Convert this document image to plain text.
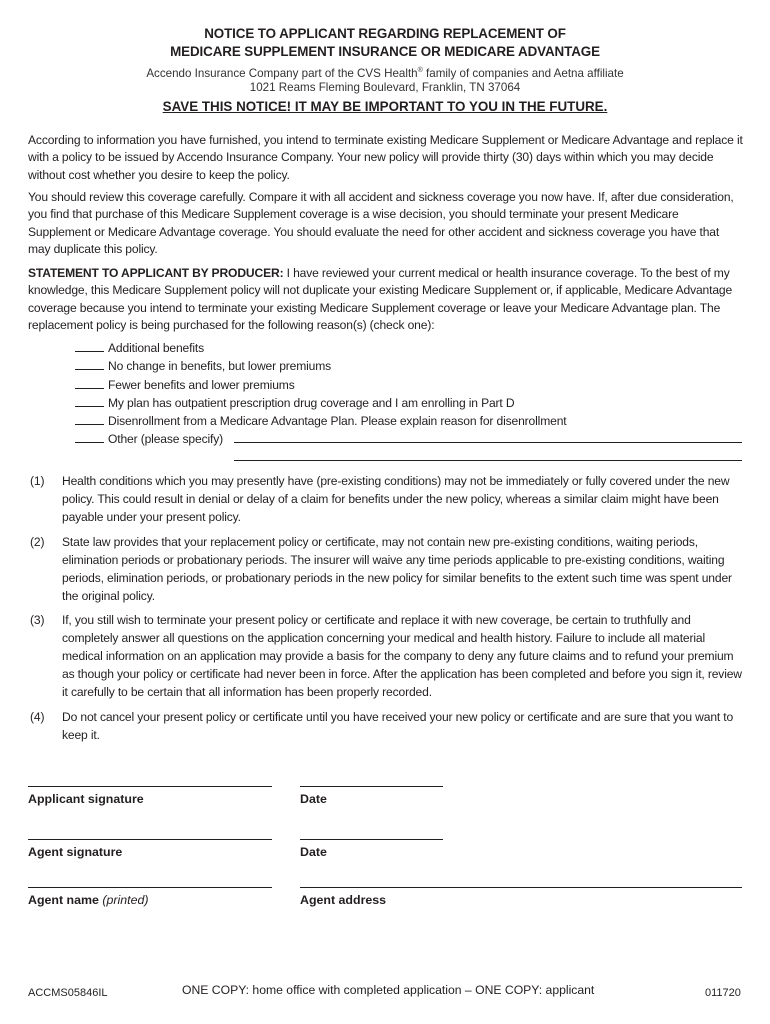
NOTICE TO APPLICANT REGARDING REPLACEMENT OF
MEDICARE SUPPLEMENT INSURANCE OR MEDICARE ADVANTAGE
Accendo Insurance Company part of the CVS Health® family of companies and Aetna affiliate
1021 Reams Fleming Boulevard, Franklin, TN 37064
SAVE THIS NOTICE! IT MAY BE IMPORTANT TO YOU IN THE FUTURE.
According to information you have furnished, you intend to terminate existing Medicare Supplement or Medicare Advantage and replace it with a policy to be issued by Accendo Insurance Company. Your new policy will provide thirty (30) days within which you may decide without cost whether you desire to keep the policy.
You should review this coverage carefully. Compare it with all accident and sickness coverage you now have. If, after due consideration, you find that purchase of this Medicare Supplement coverage is a wise decision, you should terminate your present Medicare Supplement or Medicare Advantage coverage. You should evaluate the need for other accident and sickness coverage you have that may duplicate this policy.
STATEMENT TO APPLICANT BY PRODUCER: I have reviewed your current medical or health insurance coverage. To the best of my knowledge, this Medicare Supplement policy will not duplicate your existing Medicare Supplement or, if applicable, Medicare Advantage coverage because you intend to terminate your existing Medicare Supplement coverage or leave your Medicare Advantage plan. The replacement policy is being purchased for the following reason(s) (check one):
Additional benefits
No change in benefits, but lower premiums
Fewer benefits and lower premiums
My plan has outpatient prescription drug coverage and I am enrolling in Part D
Disenrollment from a Medicare Advantage Plan. Please explain reason for disenrollment
Other (please specify)
(1) Health conditions which you may presently have (pre-existing conditions) may not be immediately or fully covered under the new policy. This could result in denial or delay of a claim for benefits under the new policy, whereas a similar claim might have been payable under your present policy.
(2) State law provides that your replacement policy or certificate, may not contain new pre-existing conditions, waiting periods, elimination periods or probationary periods. The insurer will waive any time periods applicable to pre-existing conditions, waiting periods, elimination periods, or probationary periods in the new policy for similar benefits to the extent such time was spent under the original policy.
(3) If, you still wish to terminate your present policy or certificate and replace it with new coverage, be certain to truthfully and completely answer all questions on the application concerning your medical and health history. Failure to include all material medical information on an application may provide a basis for the company to deny any future claims and to refund your premium as though your policy or certificate had never been in force. After the application has been completed and before you sign it, review it carefully to be certain that all information has been properly recorded.
(4) Do not cancel your present policy or certificate until you have received your new policy or certificate and are sure that you want to keep it.
Applicant signature	Date
Agent signature	Date
Agent name (printed)	Agent address
ACCMS05846IL	ONE COPY: home office with completed application – ONE COPY: applicant	011720
